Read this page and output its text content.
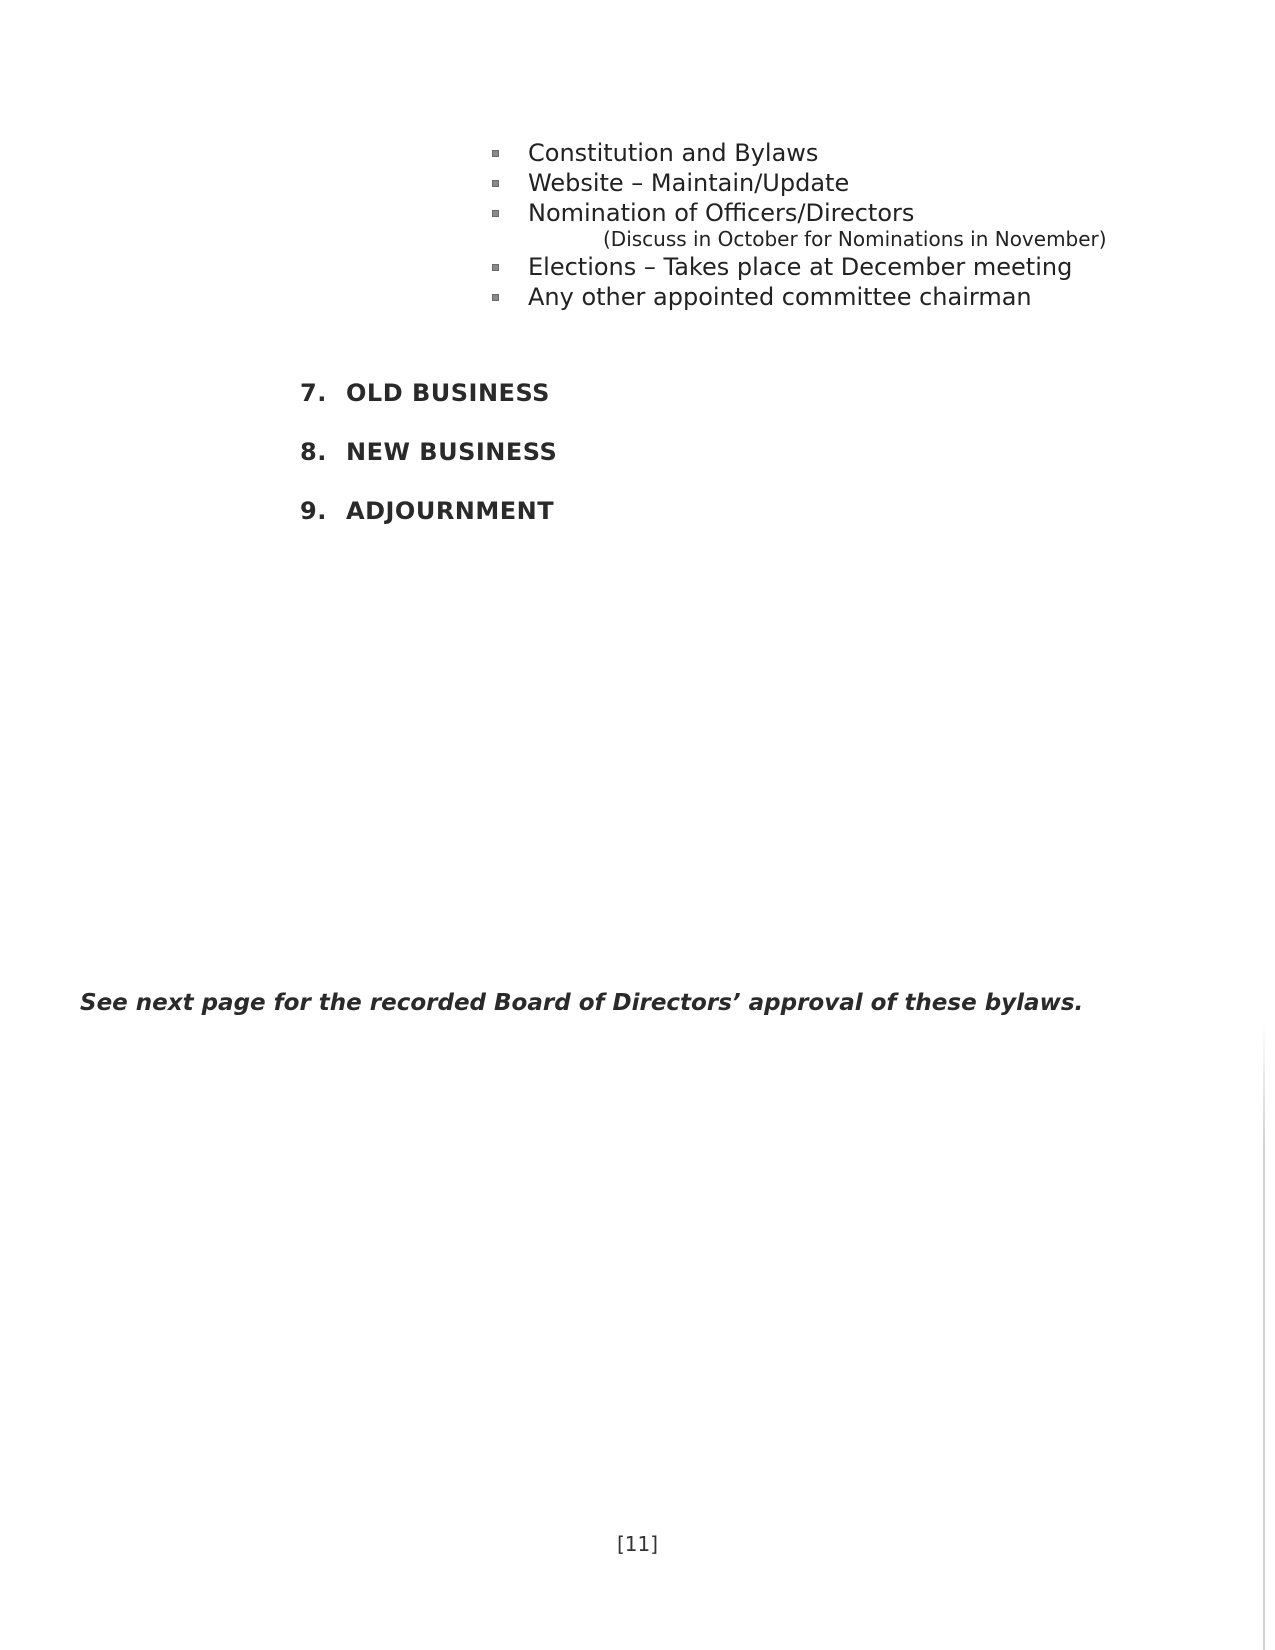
Constitution and Bylaws
Website – Maintain/Update
Nomination of Officers/Directors
(Discuss in October for Nominations in November)
Elections – Takes place at December meeting
Any other appointed committee chairman
7. OLD BUSINESS
8. NEW BUSINESS
9. ADJOURNMENT
See next page for the recorded Board of Directors’ approval of these bylaws.
[11]
